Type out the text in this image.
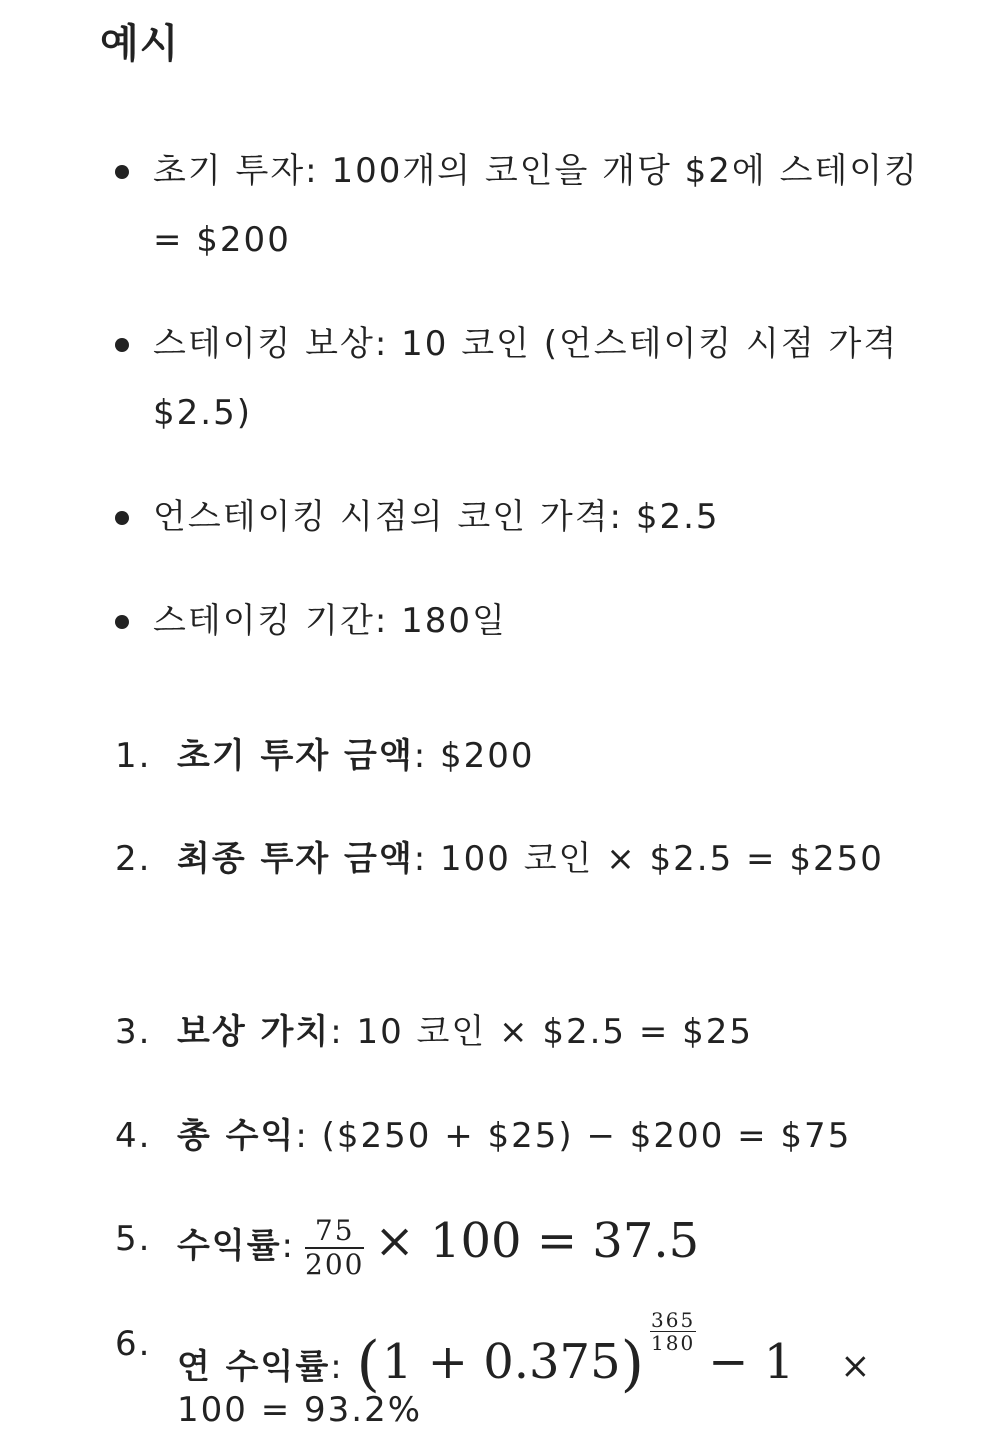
예시
초기 투자: 100개의 코인을 개당 $2에 스테이킹 = $200
스테이킹 보상: 10 코인 (언스테이킹 시점 가격 $2.5)
언스테이킹 시점의 코인 가격: $2.5
스테이킹 기간: 180일
1. 초기 투자 금액: $200
2. 최종 투자 금액: 100 코인 × $2.5 = $250
3. 보상 가치: 10 코인 × $2.5 = $25
4. 총 수익: ($250 + $25) − $200 = $75
5. 수익률: $\frac{75}{200} \times 100 = 37.5$
6.
연 수익률: $(1 + 0.375) \frac{365}{180}$
− 1 ×
100 = 93.2%
